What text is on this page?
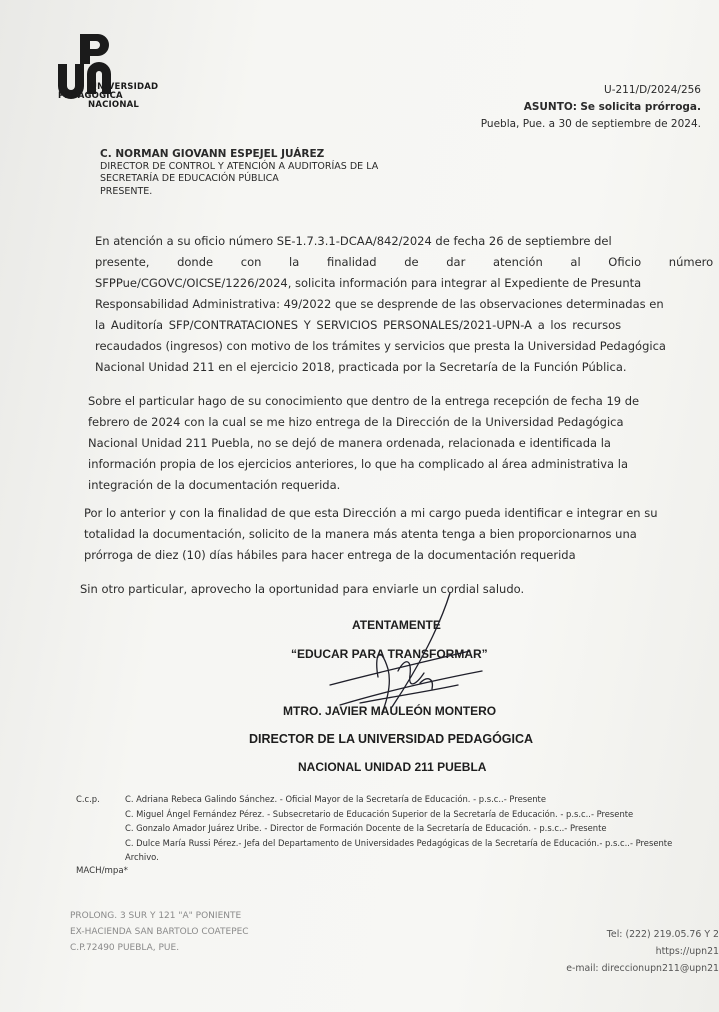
UNIVERSIDAD
PEDAGÓGICA
NACIONAL
U-211/D/2024/256
ASUNTO: Se solicita prórroga.
Puebla, Pue. a 30 de septiembre de 2024.
C. NORMAN GIOVANN ESPEJEL JUÁREZ
DIRECTOR DE CONTROL Y ATENCIÓN A AUDITORÍAS DE LA
SECRETARÍA DE EDUCACIÓN PÚBLICA
PRESENTE.
En atención a su oficio número SE-1.7.3.1-DCAA/842/2024 de fecha 26 de septiembre del
presente, donde con la finalidad de dar atención al Oficio número
SFPPue/CGOVC/OICSE/1226/2024, solicita información para integrar al Expediente de Presunta
Responsabilidad Administrativa: 49/2022 que se desprende de las observaciones determinadas en
la Auditoría SFP/CONTRATACIONES Y SERVICIOS PERSONALES/2021-UPN-A a los recursos
recaudados (ingresos) con motivo de los trámites y servicios que presta la Universidad Pedagógica
Nacional Unidad 211 en el ejercicio 2018, practicada por la Secretaría de la Función Pública.
Sobre el particular hago de su conocimiento que dentro de la entrega recepción de fecha 19 de
febrero de 2024 con la cual se me hizo entrega de la Dirección de la Universidad Pedagógica
Nacional Unidad 211 Puebla, no se dejó de manera ordenada, relacionada e identificada la
información propia de los ejercicios anteriores, lo que ha complicado al área administrativa la
integración de la documentación requerida.
Por lo anterior y con la finalidad de que esta Dirección a mi cargo pueda identificar e integrar en su
totalidad la documentación, solicito de la manera más atenta tenga a bien proporcionarnos una
prórroga de diez (10) días hábiles para hacer entrega de la documentación requerida
Sin otro particular, aprovecho la oportunidad para enviarle un cordial saludo.
ATENTAMENTE
“EDUCAR PARA TRANSFORMAR”
MTRO. JAVIER MAULEÓN MONTERO
DIRECTOR DE LA UNIVERSIDAD PEDAGÓGICA
NACIONAL UNIDAD 211 PUEBLA
C.c.p.	C. Adriana Rebeca Galindo Sánchez. - Oficial Mayor de la Secretaría de Educación. - p.s.c..- Presente
C. Miguel Ángel Fernández Pérez. - Subsecretario de Educación Superior de la Secretaría de Educación. - p.s.c..- Presente
C. Gonzalo Amador Juárez Uribe. - Director de Formación Docente de la Secretaría de Educación. - p.s.c..- Presente
C. Dulce María Russi Pérez.- Jefa del Departamento de Universidades Pedagógicas de la Secretaría de Educación.- p.s.c..- Presente
Archivo.
MACH/mpa*
PROLONG. 3 SUR Y 121 "A" PONIENTE
EX-HACIENDA SAN BARTOLO COATEPEC
C.P.72490 PUEBLA, PUE.
Tel: (222) 219.05.76 Y 2
https://upn21
e-mail: direccionupn211@upn21
